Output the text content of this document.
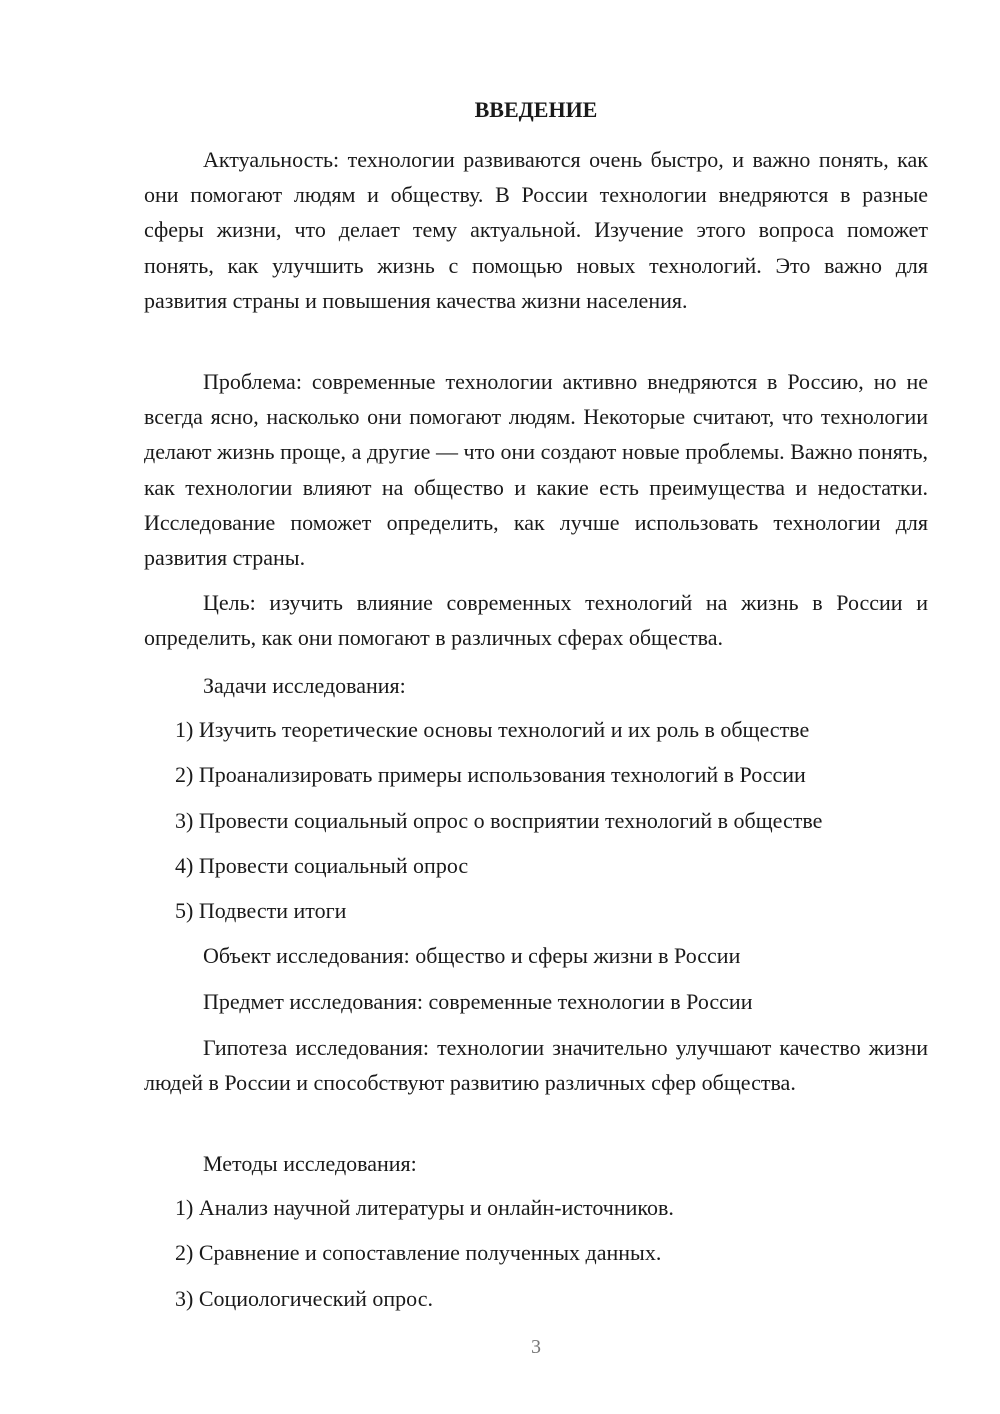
ВВЕДЕНИЕ

Актуальность: технологии развиваются очень быстро, и важно понять, как они помогают людям и обществу. В России технологии внедряются в разные сферы жизни, что делает тему актуальной. Изучение этого вопроса поможет понять, как улучшить жизнь с помощью новых технологий. Это важно для развития страны и повышения качества жизни населения.

Проблема: современные технологии активно внедряются в Россию, но не всегда ясно, насколько они помогают людям. Некоторые считают, что технологии делают жизнь проще, а другие — что они создают новые проблемы. Важно понять, как технологии влияют на общество и какие есть преимущества и недостатки. Исследование поможет определить, как лучше использовать технологии для развития страны.

Цель: изучить влияние современных технологий на жизнь в России и определить, как они помогают в различных сферах общества.

Задачи исследования:

1) Изучить теоретические основы технологий и их роль в обществе

2) Проанализировать примеры использования технологий в России

3) Провести социальный опрос о восприятии технологий в обществе

4) Провести социальный опрос

5) Подвести итоги

Объект исследования: общество и сферы жизни в России

Предмет исследования: современные технологии в России

Гипотеза исследования: технологии значительно улучшают качество жизни людей в России и способствуют развитию различных сфер общества.

Методы исследования:

1) Анализ научной литературы и онлайн-источников.

2) Сравнение и сопоставление полученных данных.

3) Социологический опрос.

3
